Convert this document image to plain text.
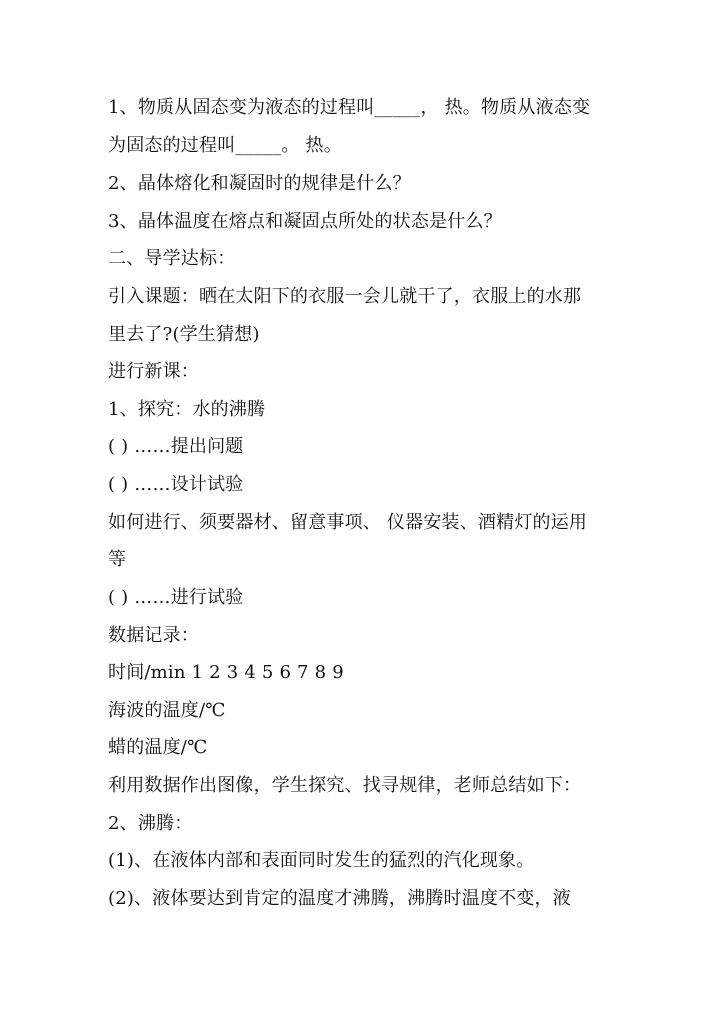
1、物质从固态变为液态的过程叫_____， 热。物质从液态变
为固态的过程叫_____。 热。
2、晶体熔化和凝固时的规律是什么？
3、晶体温度在熔点和凝固点所处的状态是什么？
二、导学达标：
引入课题：晒在太阳下的衣服一会儿就干了，衣服上的水那
里去了?(学生猜想)
进行新课：
1、探究：水的沸腾
( ) ……提出问题
( ) ……设计试验
如何进行、须要器材、留意事项、 仪器安装、酒精灯的运用
等
( ) ……进行试验
数据记录：
时间/min 1 2 3 4 5 6 7 8 9
海波的温度/℃
蜡的温度/℃
利用数据作出图像，学生探究、找寻规律，老师总结如下：
2、沸腾：
(1)、在液体内部和表面同时发生的猛烈的汽化现象。
(2)、液体要达到肯定的温度才沸腾，沸腾时温度不变，液
